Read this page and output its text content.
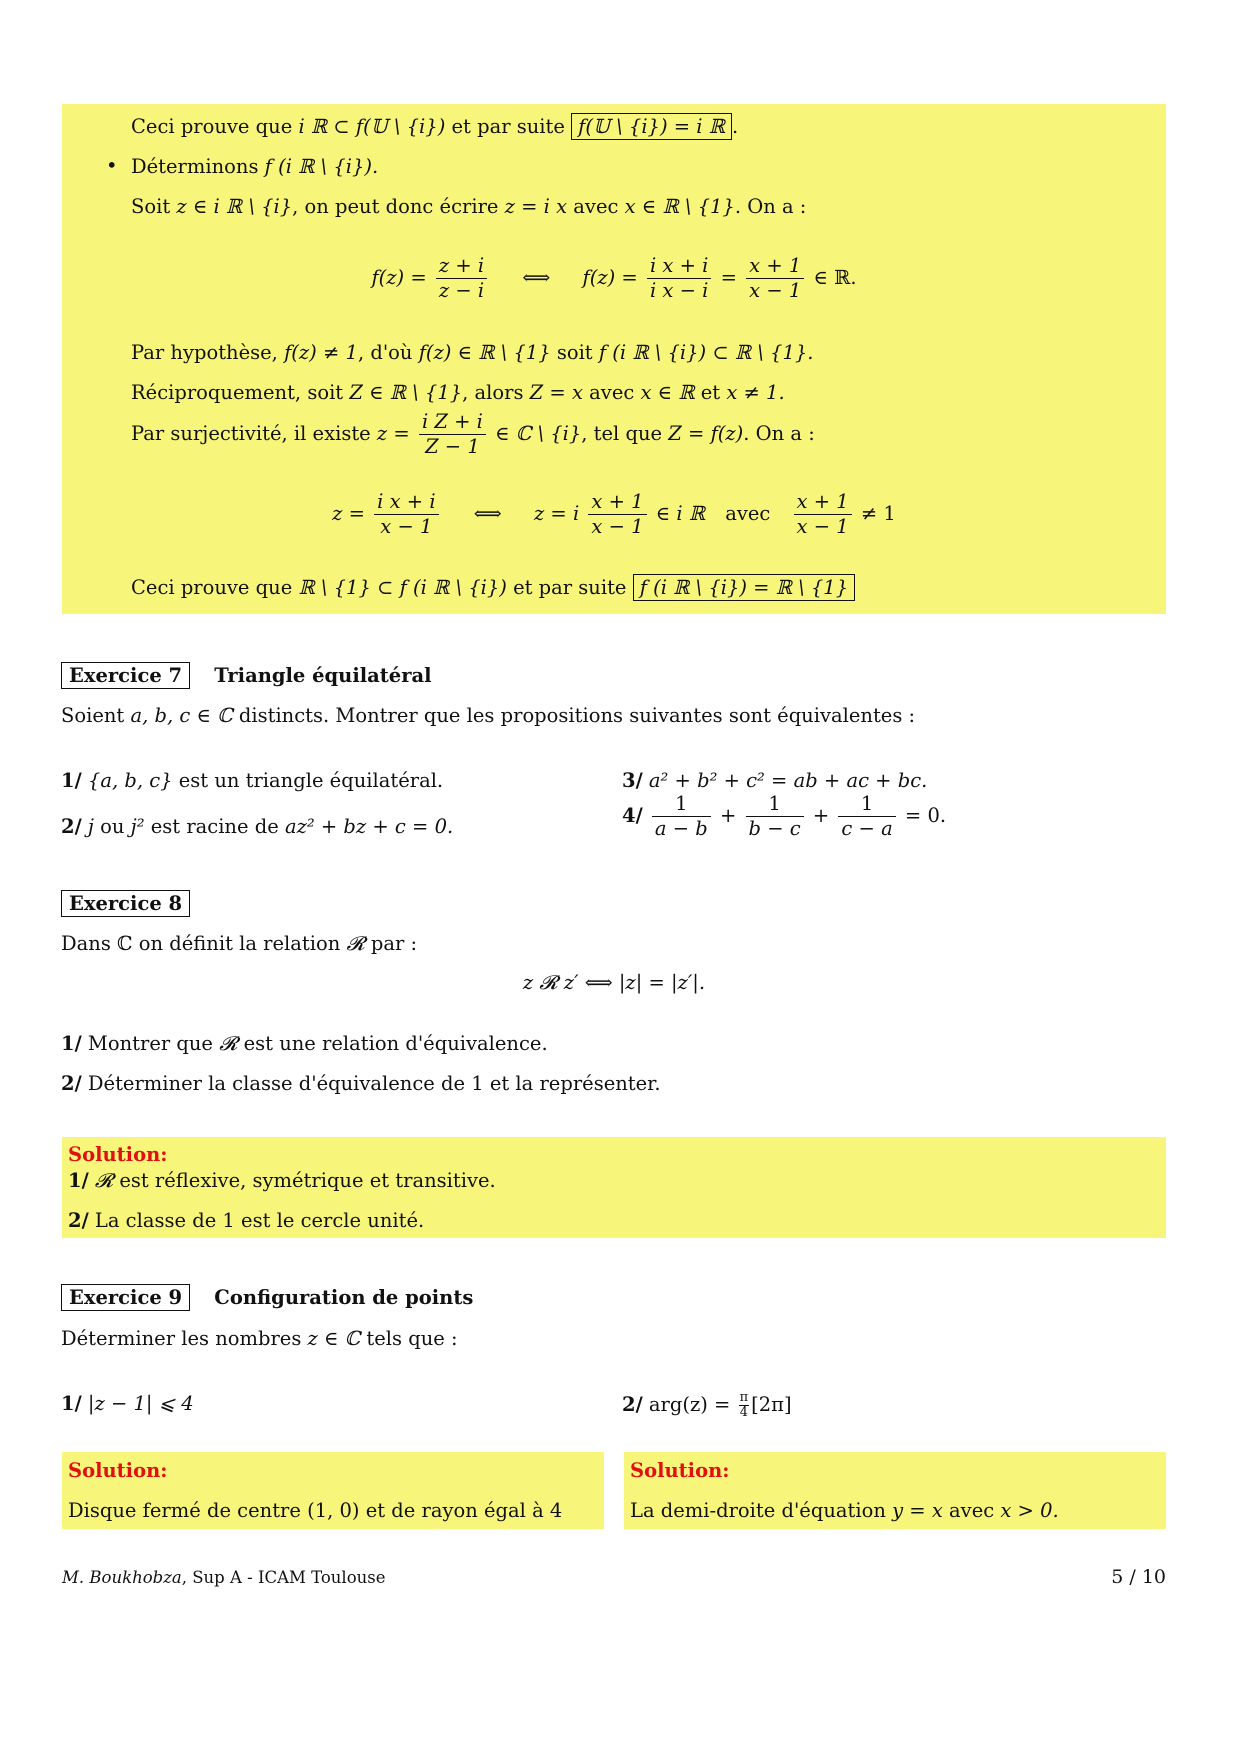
Ceci prouve que i ℝ ⊂ f(𝕌 \ {i}) et par suite f(𝕌 \ {i}) = i ℝ .
• Déterminons f (i ℝ \ {i}).
Soit z ∈ i ℝ \ {i}, on peut donc écrire z = i x avec x ∈ ℝ \ {1}. On a :
$f(z) = \frac{z + i}{z - i}$ ⟺ $f(z) = \frac{\text{i x + i}}{\text{i x − i}} = \frac{x + 1}{x - 1}$ ∈ ℝ.
Par hypothèse, f(z) ≠ 1, d'où f(z) ∈ ℝ \ {1} soit f (i ℝ \ {i}) ⊂ ℝ \ {1}.
Réciproquement, soit Z ∈ ℝ \ {1}, alors Z = x avec x ∈ ℝ et x ≠ 1.
Par surjectivité, il existe $z = \frac{\text{i Z + i}}{Z - 1}$ ∈ ℂ \ {i}, tel que Z = f(z). On a :
$z = \frac{\text{i x + i}}{x - 1}$ ⟺ z = i $\frac{x + 1}{x - 1}$ ∈ i ℝ avec $\frac{x + 1}{x - 1} \ne 1$
Ceci prouve que ℝ \ {1} ⊂ f (i ℝ \ {i}) et par suite f (i ℝ \ {i}) = ℝ \ {1}
Exercice 7 Triangle équilatéral
Soient a, b, c ∈ ℂ distincts. Montrer que les propositions suivantes sont équivalentes :
1/ {a, b, c} est un triangle équilatéral.
2/ j ou j² est racine de az² + bz + c = 0.
3/ a² + b² + c² = ab + ac + bc.
$4/ \frac{1}{a - b} + \frac{1}{b - c} + \frac{1}{c - a} = 0$.
Exercice 8
Dans ℂ on définit la relation 𝓡 par :
z 𝓡 z′ ⟺ |z| = |z′|.
1/ Montrer que 𝓡 est une relation d'équivalence.
2/ Déterminer la classe d'équivalence de 1 et la représenter.
Solution:
1/ 𝓡 est réflexive, symétrique et transitive.
2/ La classe de 1 est le cercle unité.
Exercice 9 Configuration de points
Déterminer les nombres z ∈ ℂ tels que :
1/ |z − 1| ⩽ 4	2/ $arg(z) = \frac{\pi}{4} [2\pi]$
Solution:
Disque fermé de centre (1, 0) et de rayon égal à 4
Solution:
La demi-droite d'équation y = x avec x > 0.
M. Boukhobza, Sup A - ICAM Toulouse	5 / 10
